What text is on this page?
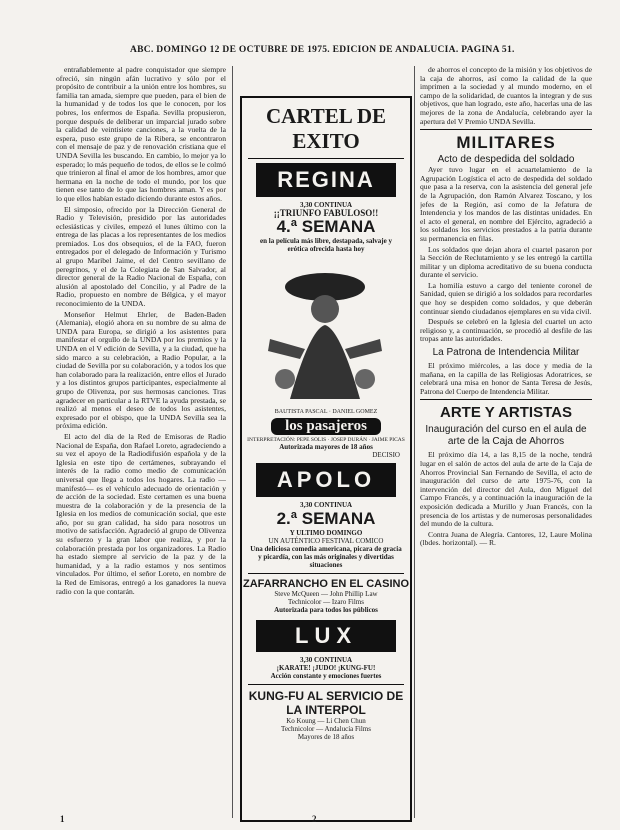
ABC. DOMINGO 12 DE OCTUBRE DE 1975. EDICION DE ANDALUCIA. PAGINA 51.

entrañablemente al padre conquistador que siempre ofreció, sin ningún afán lucrativo y sólo por el propósito de contribuir a la unión entre los hombres, su familia tan amada, siempre que pueden, para el bien de la humanidad y de todos los que le conocen, por los pobres, los enfermos de España. Sevilla propusieron, porque después de deliberar un imparcial jurado sobre la calidad de veintisiete canciones, a la vuelta de la espera, puso este grupo de la Ribera, se encontraron con el mensaje de paz y de renovación cristiana que el UNDA Sevilla les buscando. En cambio, lo mejor ya lo esperado; lo más pequeño de todos, de ellos se le colmó que trinieron al final el amor de los hombres, amor que hermana en la noche de todo el mundo, por los que tienen ese tanto de lo que las hombres aman. Y es por lo que ellos habían estado diciendo durante estos años.

El simposio, ofrecido por la Dirección General de Radio y Televisión, presidido por las autoridades eclesiásticas y civiles, empezó el lunes último con la entrega de las placas a los representantes de los medios premiados. Los dos obsequios, el de la FAO, fueron entregados por el delegado de Información y Turismo al grupo Maribel Jaime, el del Centro sevillano de peregrinos, y el de la Colegiata de San Salvador, al director general de la Radio Nacional de España, con alusión al apostolado del Concilio, y al Padre de la Radio, propuesto en nombre de Bélgica, y el mayor reconocimiento de la UNDA.

Monseñor Helmut Ehrler, de Baden-Baden (Alemania), elogió ahora en su nombre de su alma de UNDA para Europa, se dirigió a los asistentes para manifestar el orgullo de la UNDA por los premios y la UNDA en el V edición de Sevilla, y a la ciudad, que ha sido marco a su celebración, a Radio Popular, a la ciudad de Sevilla por su colaboración, y a todos los que han colaborado para la realización, entre ellos el Jurado y a los distintos grupos participantes, especialmente al grupo de Olivenza, por sus hermosas canciones. Tras agradecer en particular a la RTVE la ayuda prestada, se realizó al menos el deseo de todos los asistentes, expresado por el obispo, que la UNDA Sevilla sea la próxima edición.

El acto del día de la Red de Emisoras de Radio Nacional de España, don Rafael Loreto, agradeciendo a su vez el apoyo de la Radiodifusión española y de la Iglesia en este tipo de certámenes, subrayando el interés de la radio como medio de comunicación universal que llega a todos los hogares. La radio —manifestó— es el vehículo adecuado de orientación y de acción de la sociedad. Este certamen es una buena muestra de la colaboración y de la presencia de la Iglesia en los medios de comunicación social, que este año, por su gran calidad, ha sido para nosotros un motivo de satisfacción. Agradeció al grupo de Olivenza su esfuerzo y la gran labor que realiza, y por la colaboración prestada por los organizadores. La Radio ha estado siempre al servicio de la paz y de la humanidad, y a la radio estamos y nos sentimos vinculados. Por último, el señor Loreto, en nombre de la Red de Emisoras, entregó a los ganadores la nueva radio con la que contarán.

CARTEL DE EXITO
REGINA
3,30 CONTINUA
¡¡TRIUNFO FABULOSO!!
4.ª SEMANA
en la película más libre, destapada, salvaje y erótica ofrecida hasta hoy
BAUTISTA PASCAL · DANIEL GOMEZ
los pasajeros
INTERPRETACIÓN: PEPE SOLIS · JOSEP DURÁN · JAIME PICAS
Autorizada mayores de 18 años
DECISIO
APOLO
3,30 CONTINUA
2.ª SEMANA
Y ULTIMO DOMINGO
UN AUTÉNTICO FESTIVAL COMICO
Una deliciosa comedia americana, picara de gracia y picardía, con las más originales y divertidas situaciones
ZAFARRANCHO EN EL CASINO
Steve McQueen — John Phillip Law
Technicolor — Izaro Films
Autorizada para todos los públicos
LUX
3,30 CONTINUA
¡KARATE! ¡JUDO! ¡KUNG-FU!
Acción constante y emociones fuertes
KUNG-FU AL SERVICIO DE LA INTERPOL
Ko Koung — Li Chen Chun
Technicolor — Andalucía Films
Mayores de 18 años

de ahorros el concepto de la misión y los objetivos de la caja de ahorros, así como la calidad de la que imprimen a la sociedad y al mundo moderno, en el campo de la solidaridad, de cuantos la integran y de sus objetivos, que han logrado, este año, hacerlas una de las mejores de la zona de Andalucía, celebrando ayer la apertura del V Premio UNDA Sevilla.

MILITARES
Acto de despedida del soldado

Ayer tuvo lugar en el acuartelamiento de la Agrupación Logística el acto de despedida del soldado que pasa a la reserva, con la asistencia del general jefe de la Agrupación, don Ramón Alvarez Toscano, y los jefes de la Región, así como de la Jefatura de Intendencia y los mandos de las distintas unidades. En el acto el general, en nombre del Ejército, agradeció a los soldados los servicios prestados a la patria durante su permanencia en filas.

Los soldados que dejan ahora el cuartel pasaron por la Sección de Reclutamiento y se les entregó la cartilla militar y un diploma acreditativo de su buena conducta durante el servicio.

La homilía estuvo a cargo del teniente coronel de Sanidad, quien se dirigió a los soldados para recordarles que hoy se despiden como soldados, y que deberán continuar siendo ciudadanos ejemplares en su vida civil.

Después se celebró en la Iglesia del cuartel un acto religioso y, a continuación, se procedió al desfile de las tropas ante las autoridades.

La Patrona de Intendencia Militar

El próximo miércoles, a las doce y media de la mañana, en la capilla de las Religiosas Adoratrices, se celebrará una misa en honor de Santa Teresa de Jesús, Patrona del Cuerpo de Intendencia Militar.

ARTE Y ARTISTAS
Inauguración del curso en el aula de arte de la Caja de Ahorros

El próximo día 14, a las 8,15 de la noche, tendrá lugar en el salón de actos del aula de arte de la Caja de Ahorros Provincial San Fernando de Sevilla, el acto de inauguración del curso de arte 1975-76, con la intervención del director del Aula, don Miguel del Campo Francés, y a continuación la inauguración de la exposición dedicada a Murillo y Juan Francés, con la presencia de los artistas y de numerosas personalidades del mundo de la cultura.

Contra Juana de Alegría. Cantores, 12, Laure Molina (lbdes. horizontal). — R.

1	2
